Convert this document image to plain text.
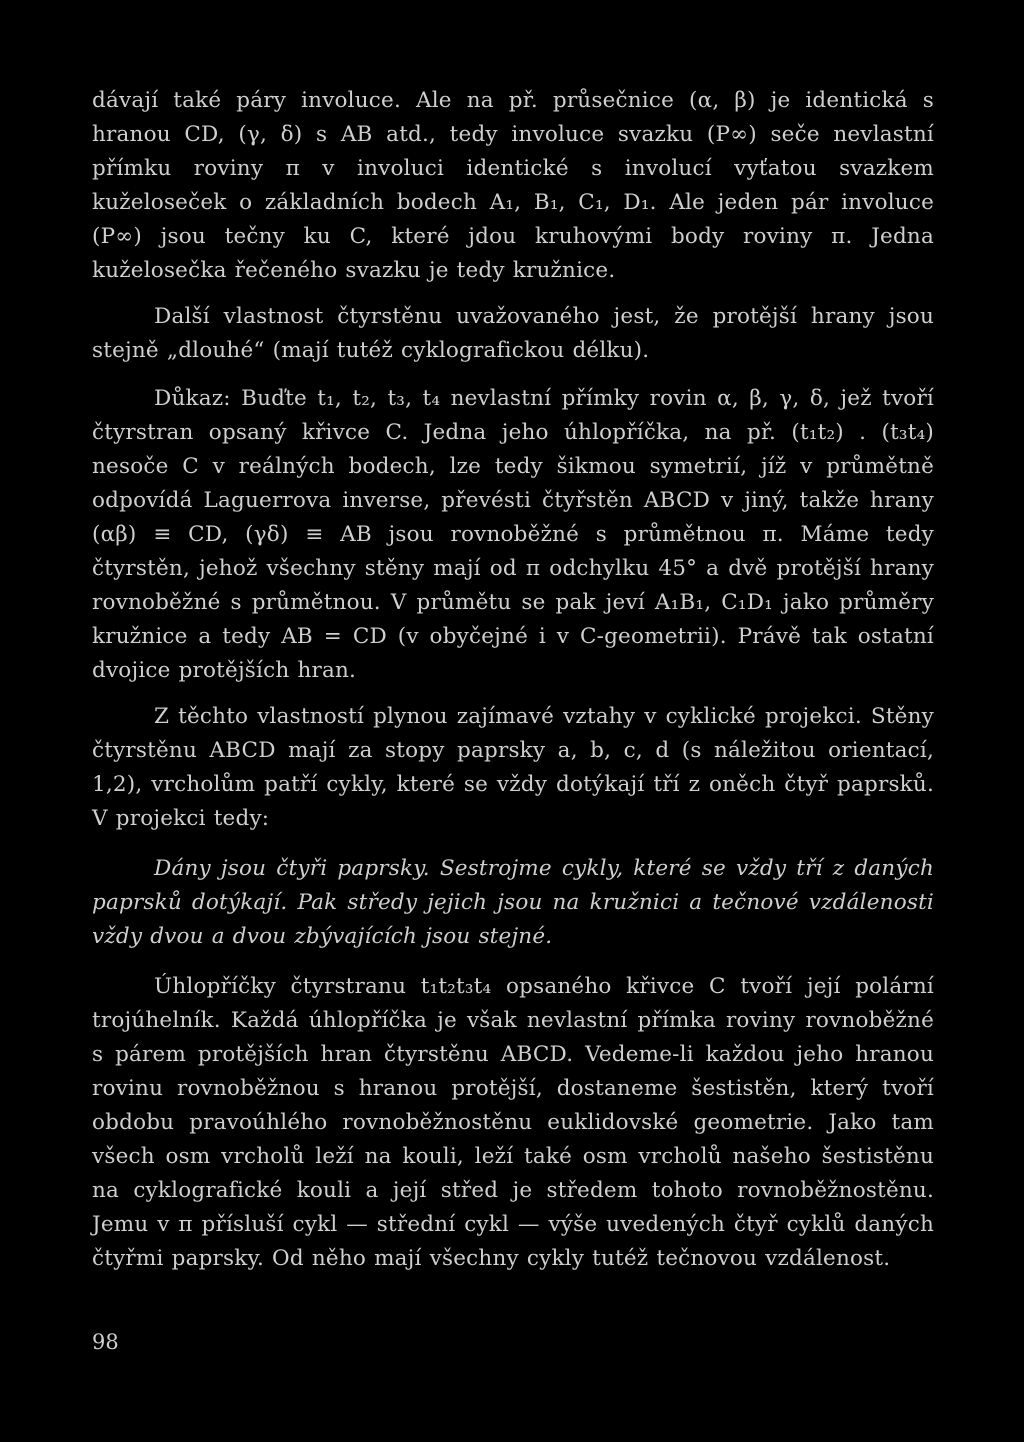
dávají také páry involuce. Ale na př. průsečnice (α, β) je identická s hranou CD, (γ, δ) s AB atd., tedy involuce svazku (P∞) seče nevlastní přímku roviny π v involuci identické s involucí vyťatou svazkem kuželoseček o základních bodech A₁, B₁, C₁, D₁. Ale jeden pár involuce (P∞) jsou tečny ku C, které jdou kruhovými body roviny π. Jedna kuželosečka řečeného svazku je tedy kružnice.

Další vlastnost čtyrstěnu uvažovaného jest, že protější hrany jsou stejně „dlouhé“ (mají tutéž cyklografickou délku).

Důkaz: Buďte t₁, t₂, t₃, t₄ nevlastní přímky rovin α, β, γ, δ, jež tvoří čtyrstran opsaný křivce C. Jedna jeho úhlopříčka, na př. (t₁t₂) . (t₃t₄) nesoče C v reálných bodech, lze tedy šikmou symetrií, jíž v průmětně odpovídá Laguerrova inverse, převésti čtyřstěn ABCD v jiný, takže hrany (αβ) ≡ CD, (γδ) ≡ AB jsou rovnoběžné s průmětnou π. Máme tedy čtyrstěn, jehož všechny stěny mají od π odchylku 45° a dvě protější hrany rovnoběžné s průmětnou. V průmětu se pak jeví A₁B₁, C₁D₁ jako průměry kružnice a tedy AB = CD (v obyčejné i v C-geometrii). Právě tak ostatní dvojice protějších hran.

Z těchto vlastností plynou zajímavé vztahy v cyklické projekci. Stěny čtyrstěnu ABCD mají za stopy paprsky a, b, c, d (s náležitou orientací, 1,2), vrcholům patří cykly, které se vždy dotýkají tří z oněch čtyř paprsků. V projekci tedy:

Dány jsou čtyři paprsky. Sestrojme cykly, které se vždy tří z daných paprsků dotýkají. Pak středy jejich jsou na kružnici a tečnové vzdálenosti vždy dvou a dvou zbývajících jsou stejné.

Úhlopříčky čtyrstranu t₁t₂t₃t₄ opsaného křivce C tvoří její polární trojúhelník. Každá úhlopříčka je však nevlastní přímka roviny rovnoběžné s párem protějších hran čtyrstěnu ABCD. Vedeme-li každou jeho hranou rovinu rovnoběžnou s hranou protější, dostaneme šestistěn, který tvoří obdobu pravoúhlého rovnoběžnostěnu euklidovské geometrie. Jako tam všech osm vrcholů leží na kouli, leží také osm vrcholů našeho šestistěnu na cyklografické kouli a její střed je středem tohoto rovnoběžnostěnu. Jemu v π přísluší cykl — střední cykl — výše uvedených čtyř cyklů daných čtyřmi paprsky. Od něho mají všechny cykly tutéž tečnovou vzdálenost.

98
